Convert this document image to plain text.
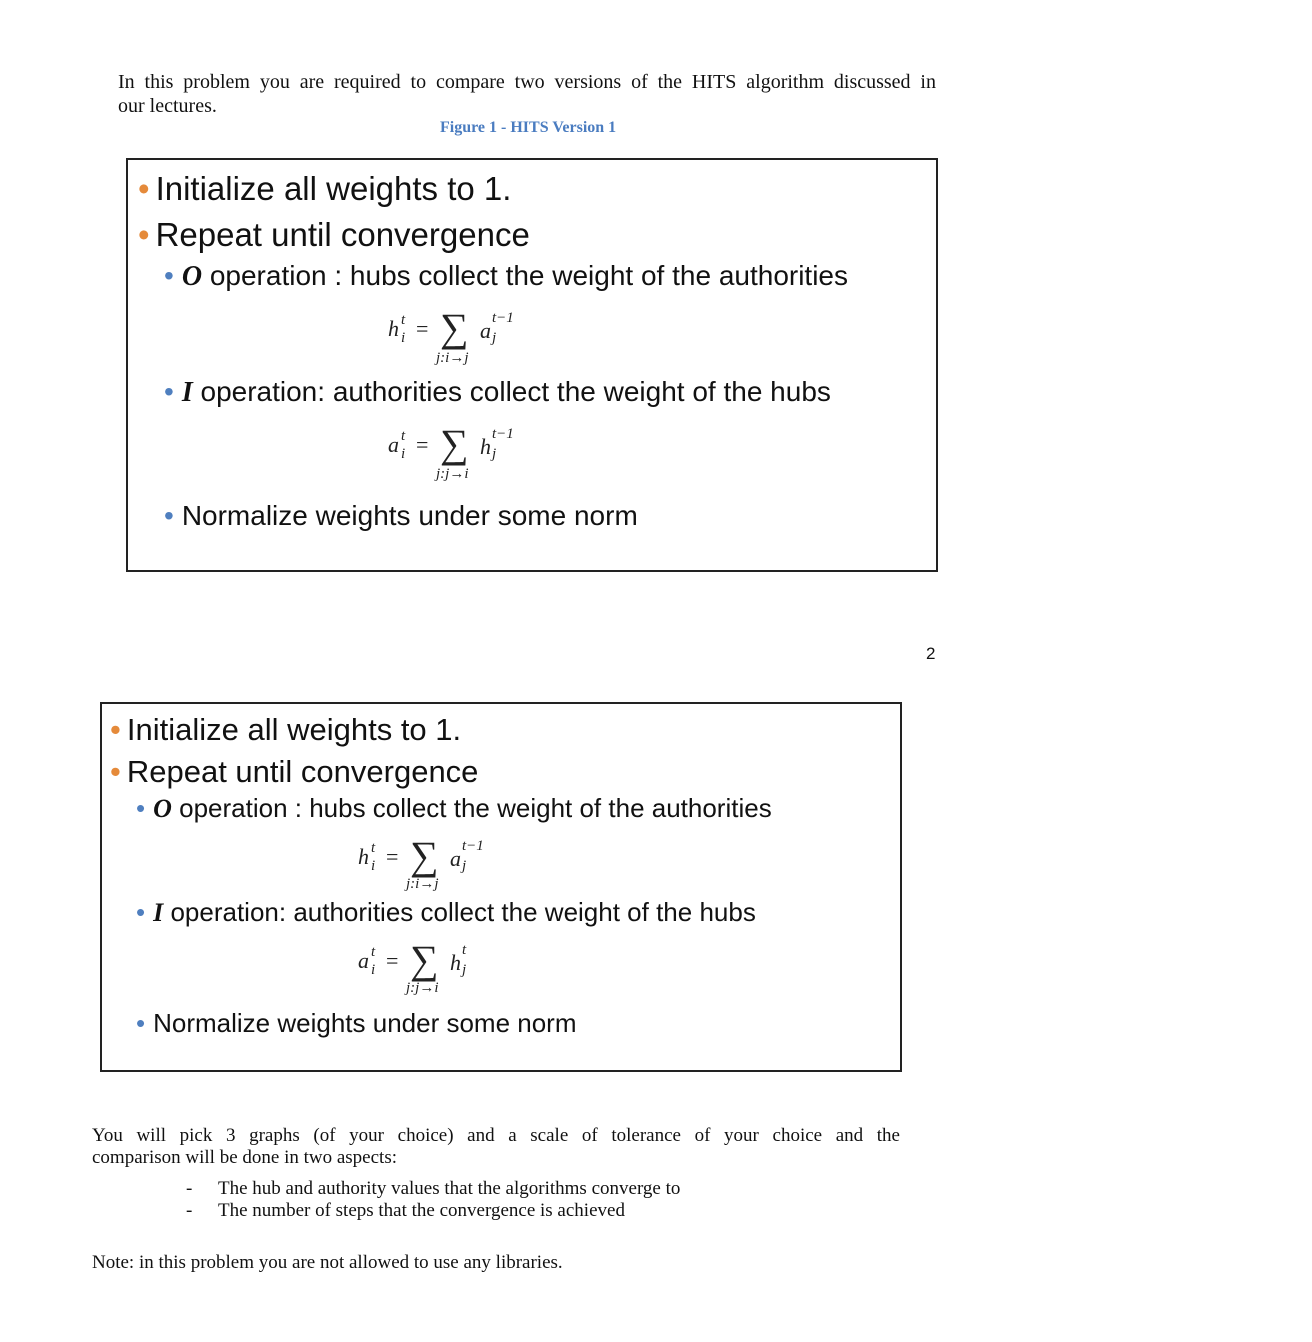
In this problem you are required to compare two versions of the HITS algorithm discussed in
our lectures.
Figure 1 - HITS Version 1
• Initialize all weights to 1.
• Repeat until convergence
• O operation : hubs collect the weight of the authorities
h t
i = ∑
j:i→j
a t−1
j
• I operation: authorities collect the weight of the hubs
a t
i = ∑
j:j→i
h t−1
j
• Normalize weights under some norm
2
• Initialize all weights to 1.
• Repeat until convergence
• O operation : hubs collect the weight of the authorities
h t
i = ∑
j:i→j
a t−1
j
• I operation: authorities collect the weight of the hubs
a t
i = ∑
j:j→i
h t
j
• Normalize weights under some norm
You will pick 3 graphs (of your choice) and a scale of tolerance of your choice and the
comparison will be done in two aspects:
- The hub and authority values that the algorithms converge to
- The number of steps that the convergence is achieved
Note: in this problem you are not allowed to use any libraries.
